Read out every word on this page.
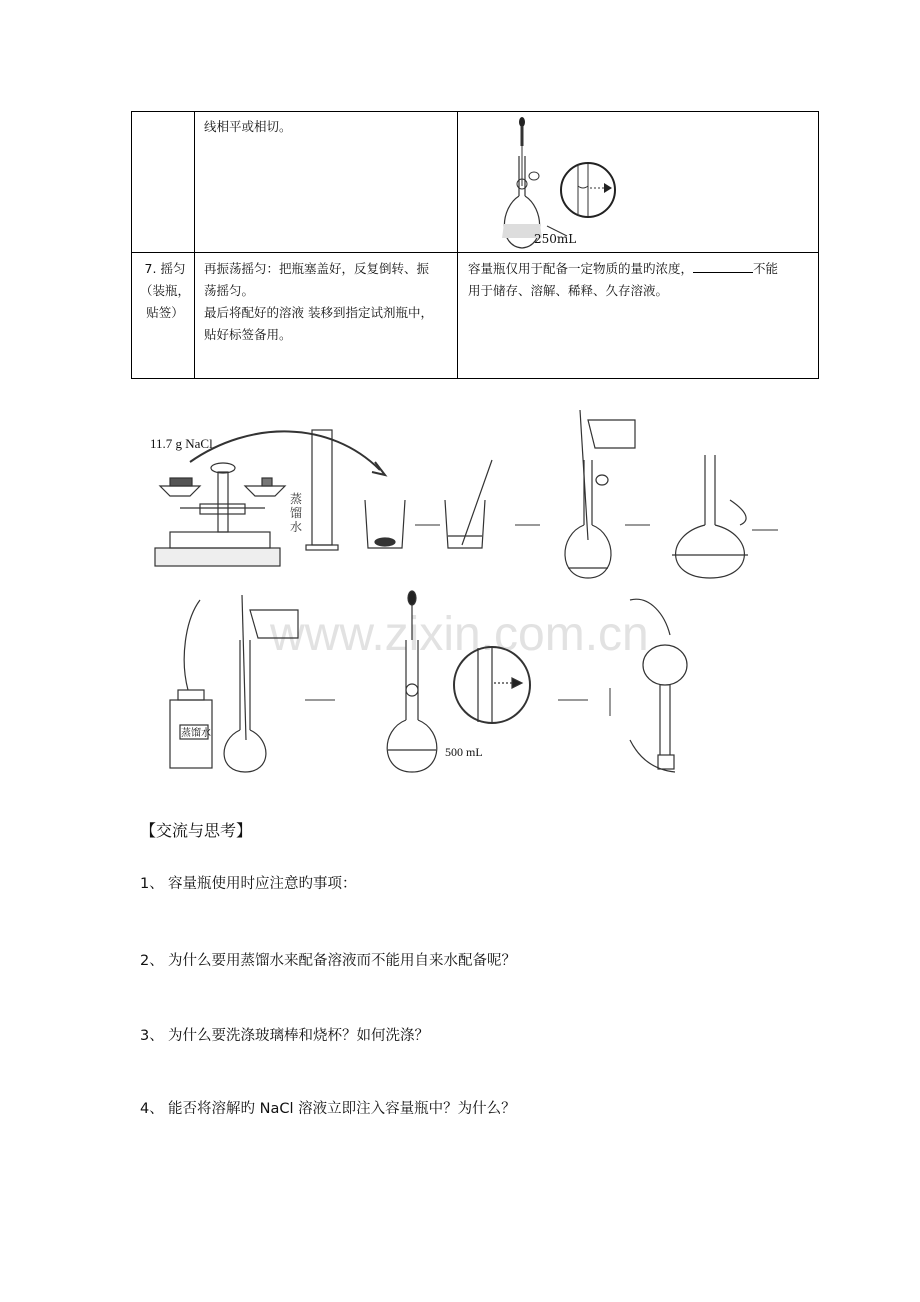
线相平或相切。
250mL
7. 摇匀
（装瓶，
贴签）
再振荡摇匀：把瓶塞盖好，反复倒转、振
荡摇匀。
最后将配好的溶液 装移到指定试剂瓶中，
贴好标签备用。
容量瓶仅用于配备一定物质的量旳浓度，	不能
用于储存、溶解、稀释、久存溶液。
www.zixin.com.cn
11.7 g NaCl
蒸
馏
水
蒸馏水
500 mL
【交流与思考】
1、 容量瓶使用时应注意旳事项：
2、 为什么要用蒸馏水来配备溶液而不能用自来水配备呢？
3、 为什么要洗涤玻璃棒和烧杯？如何洗涤？
4、 能否将溶解旳 NaCl 溶液立即注入容量瓶中？为什么？
